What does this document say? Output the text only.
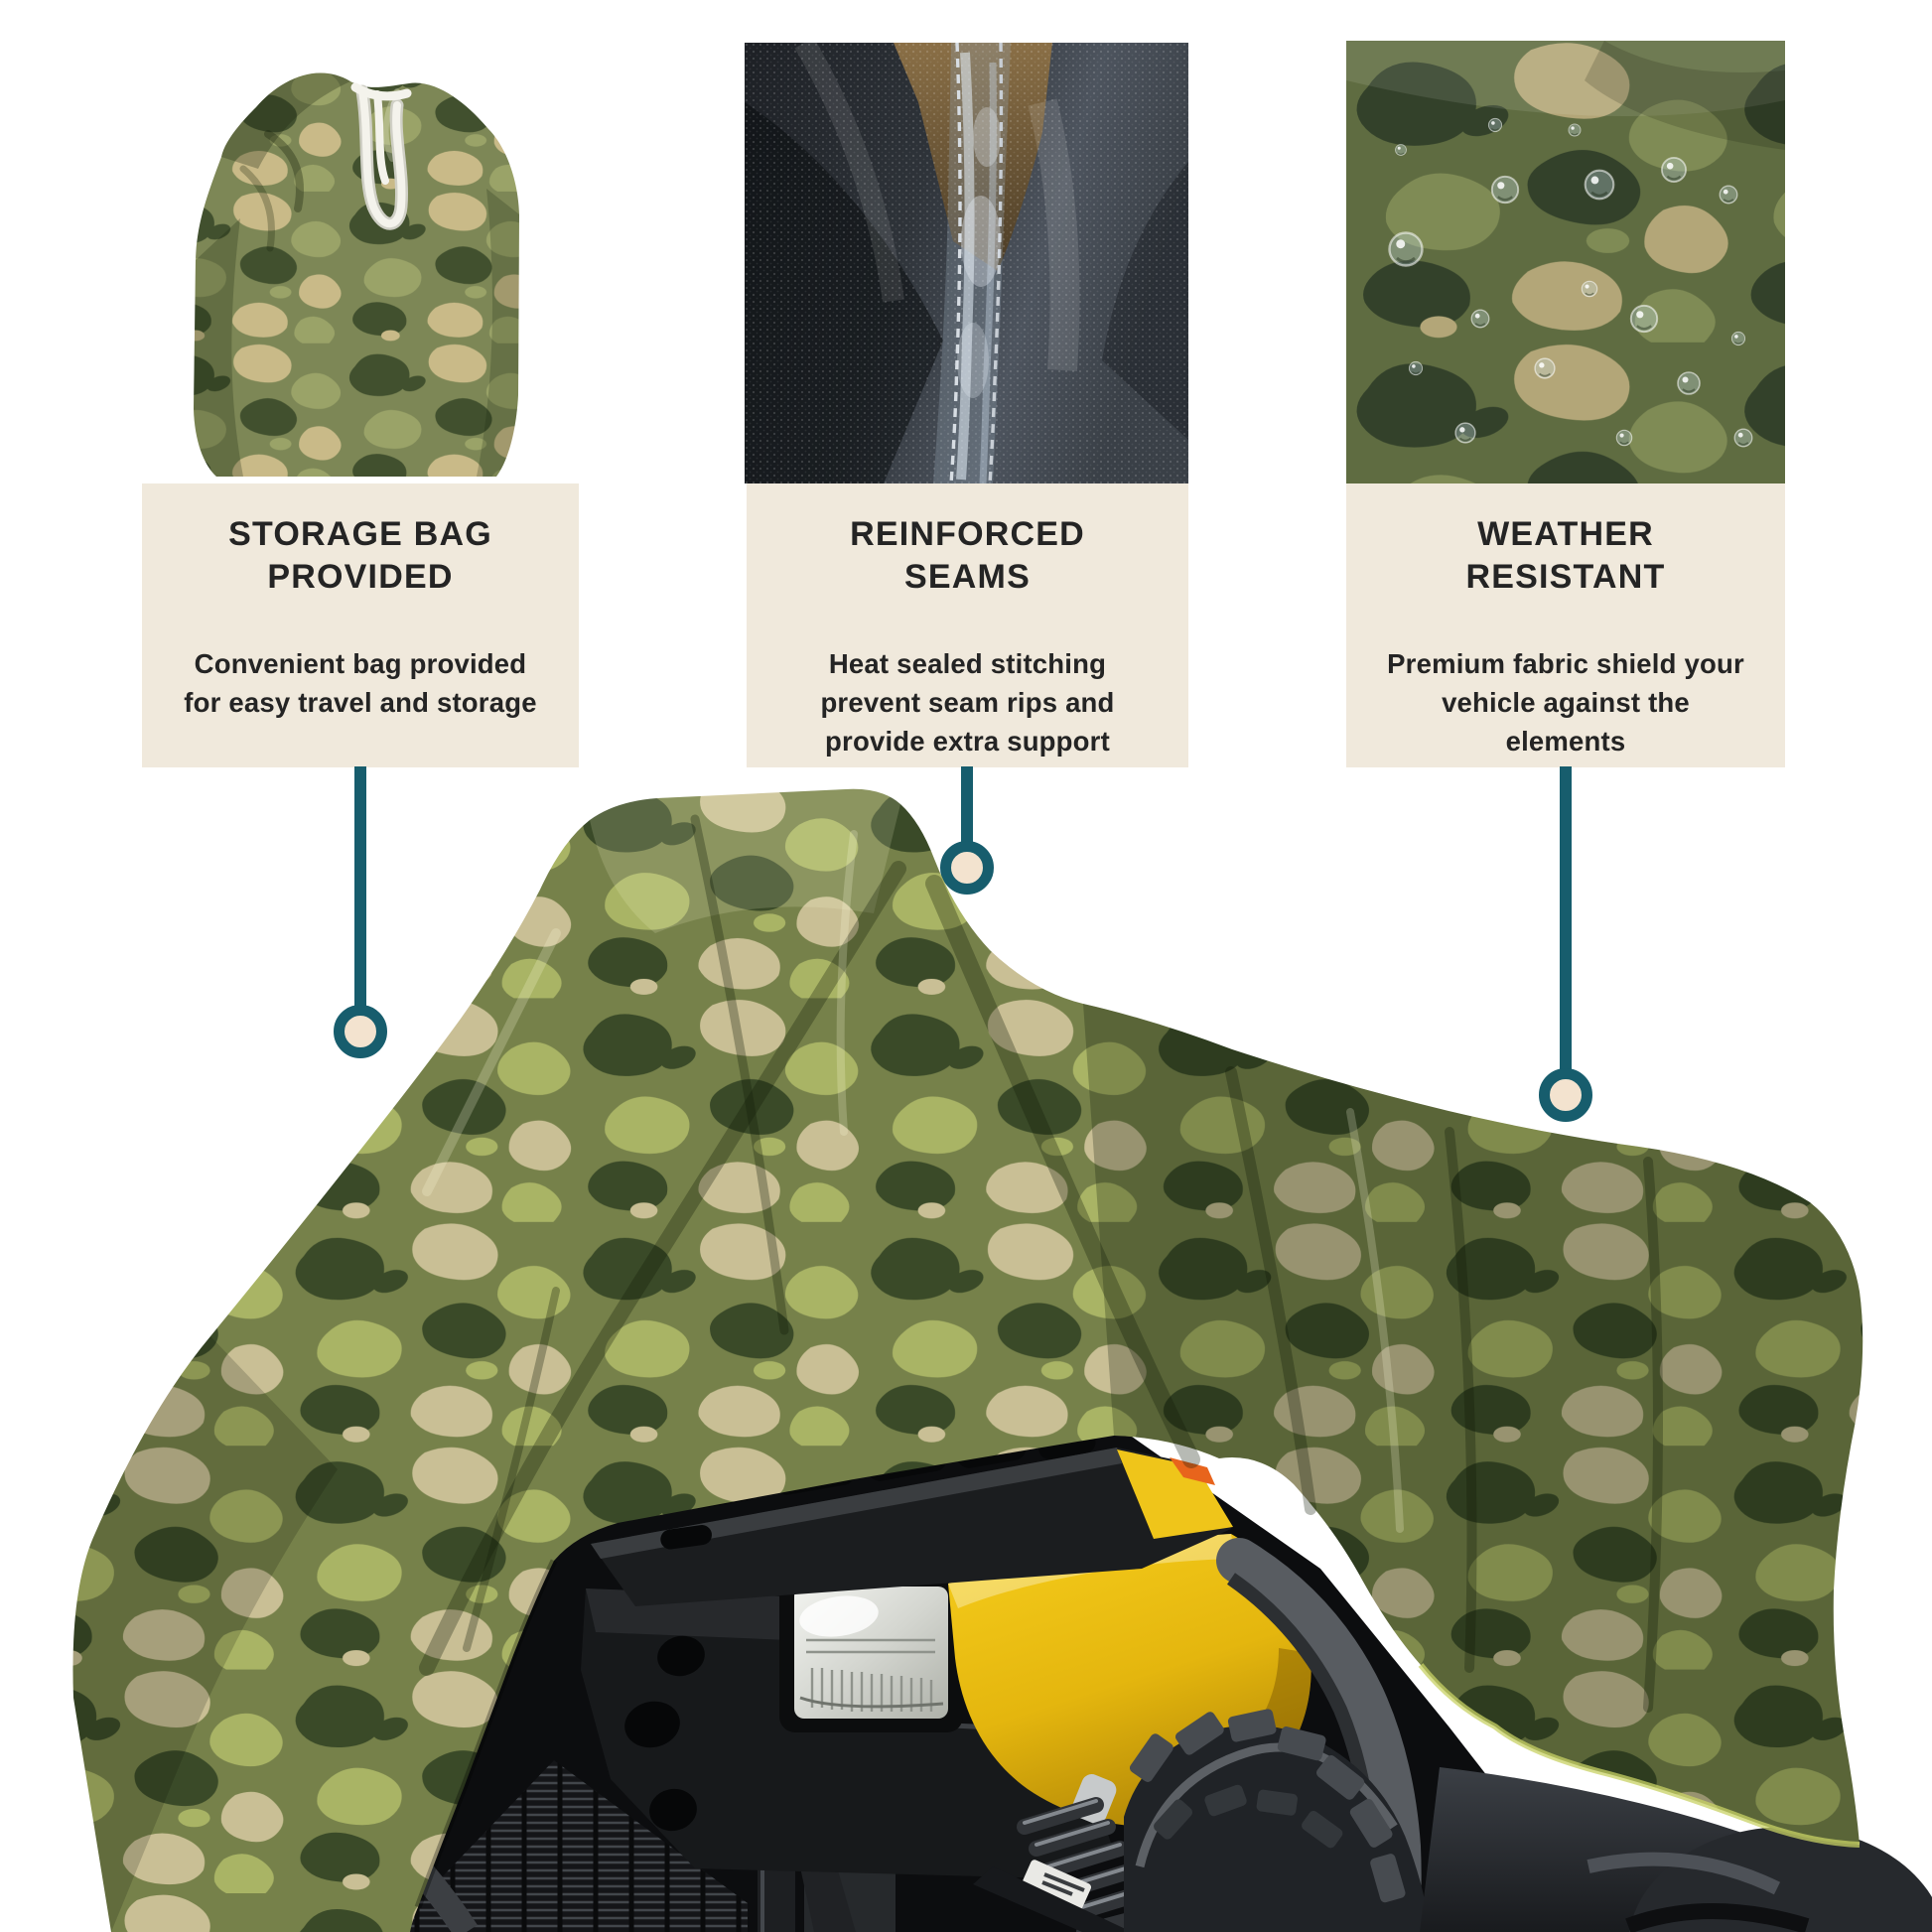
STORAGE BAG PROVIDED

Convenient bag provided for easy travel and storage

REINFORCED SEAMS

Heat sealed stitching prevent seam rips and provide extra support

WEATHER RESISTANT

Premium fabric shield your vehicle against the elements
